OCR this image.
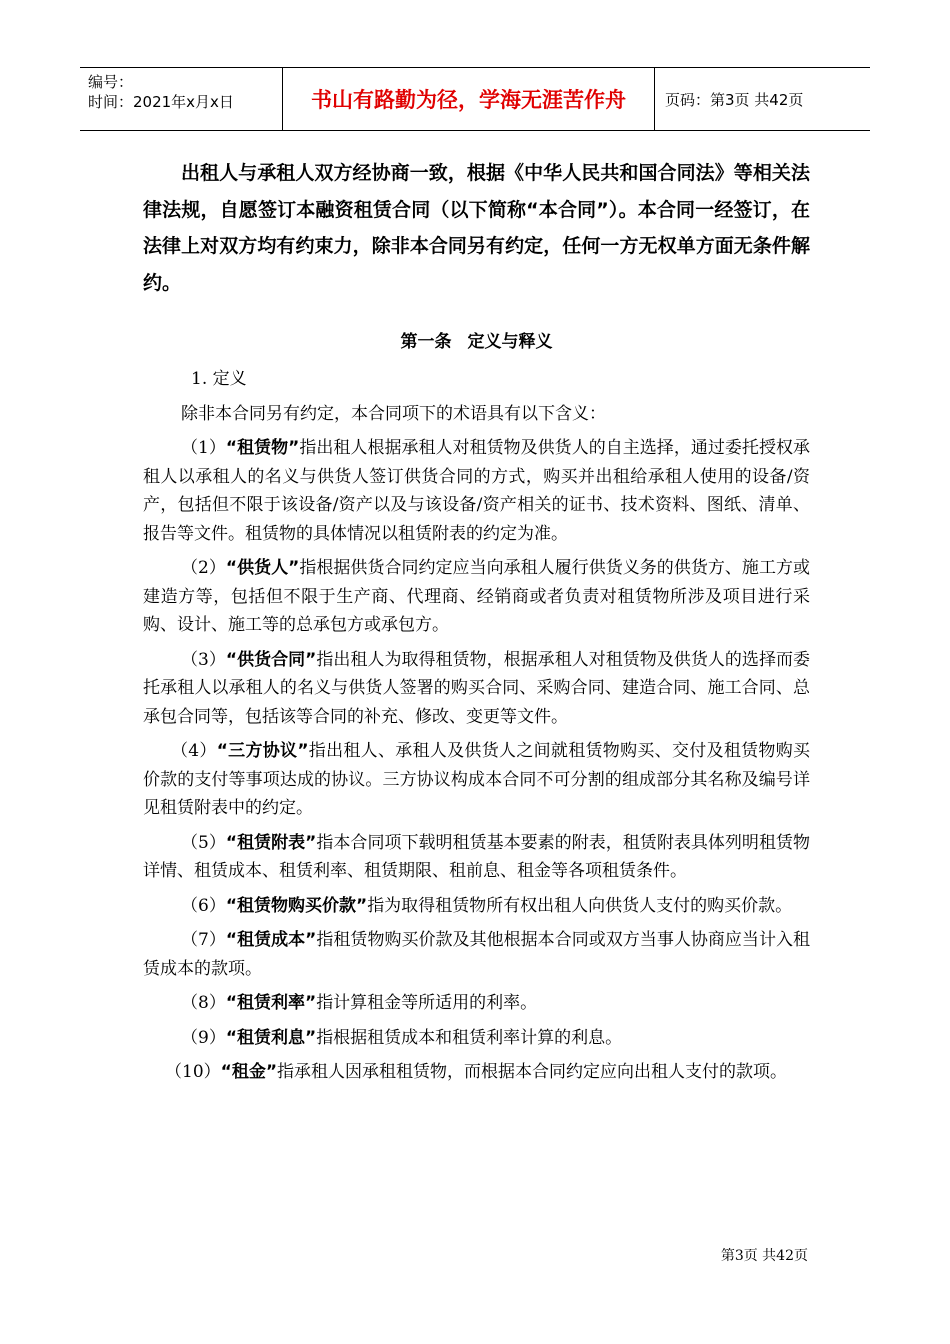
编号：
时间：2021年x月x日	书山有路勤为径，学海无涯苦作舟	页码：第3页 共42页

出租人与承租人双方经协商一致，根据《中华人民共和国合同法》等相关法律法规，自愿签订本融资租赁合同（以下简称“本合同”）。本合同一经签订，在法律上对双方均有约束力，除非本合同另有约定，任何一方无权单方面无条件解约。

第一条 定义与释义

1. 定义

除非本合同另有约定，本合同项下的术语具有以下含义：

（1）“租赁物”指出租人根据承租人对租赁物及供货人的自主选择，通过委托授权承租人以承租人的名义与供货人签订供货合同的方式，购买并出租给承租人使用的设备/资产，包括但不限于该设备/资产以及与该设备/资产相关的证书、技术资料、图纸、清单、报告等文件。租赁物的具体情况以租赁附表的约定为准。

（2）“供货人”指根据供货合同约定应当向承租人履行供货义务的供货方、施工方或建造方等，包括但不限于生产商、代理商、经销商或者负责对租赁物所涉及项目进行采购、设计、施工等的总承包方或承包方。

（3）“供货合同”指出租人为取得租赁物，根据承租人对租赁物及供货人的选择而委托承租人以承租人的名义与供货人签署的购买合同、采购合同、建造合同、施工合同、总承包合同等，包括该等合同的补充、修改、变更等文件。

（4）“三方协议”指出租人、承租人及供货人之间就租赁物购买、交付及租赁物购买价款的支付等事项达成的协议。三方协议构成本合同不可分割的组成部分其名称及编号详见租赁附表中的约定。

（5）“租赁附表”指本合同项下载明租赁基本要素的附表，租赁附表具体列明租赁物详情、租赁成本、租赁利率、租赁期限、租前息、租金等各项租赁条件。

（6）“租赁物购买价款”指为取得租赁物所有权出租人向供货人支付的购买价款。

（7）“租赁成本”指租赁物购买价款及其他根据本合同或双方当事人协商应当计入租赁成本的款项。

（8）“租赁利率”指计算租金等所适用的利率。

（9）“租赁利息”指根据租赁成本和租赁利率计算的利息。

（10）“租金”指承租人因承租租赁物，而根据本合同约定应向出租人支付的款项。

第3页 共42页
